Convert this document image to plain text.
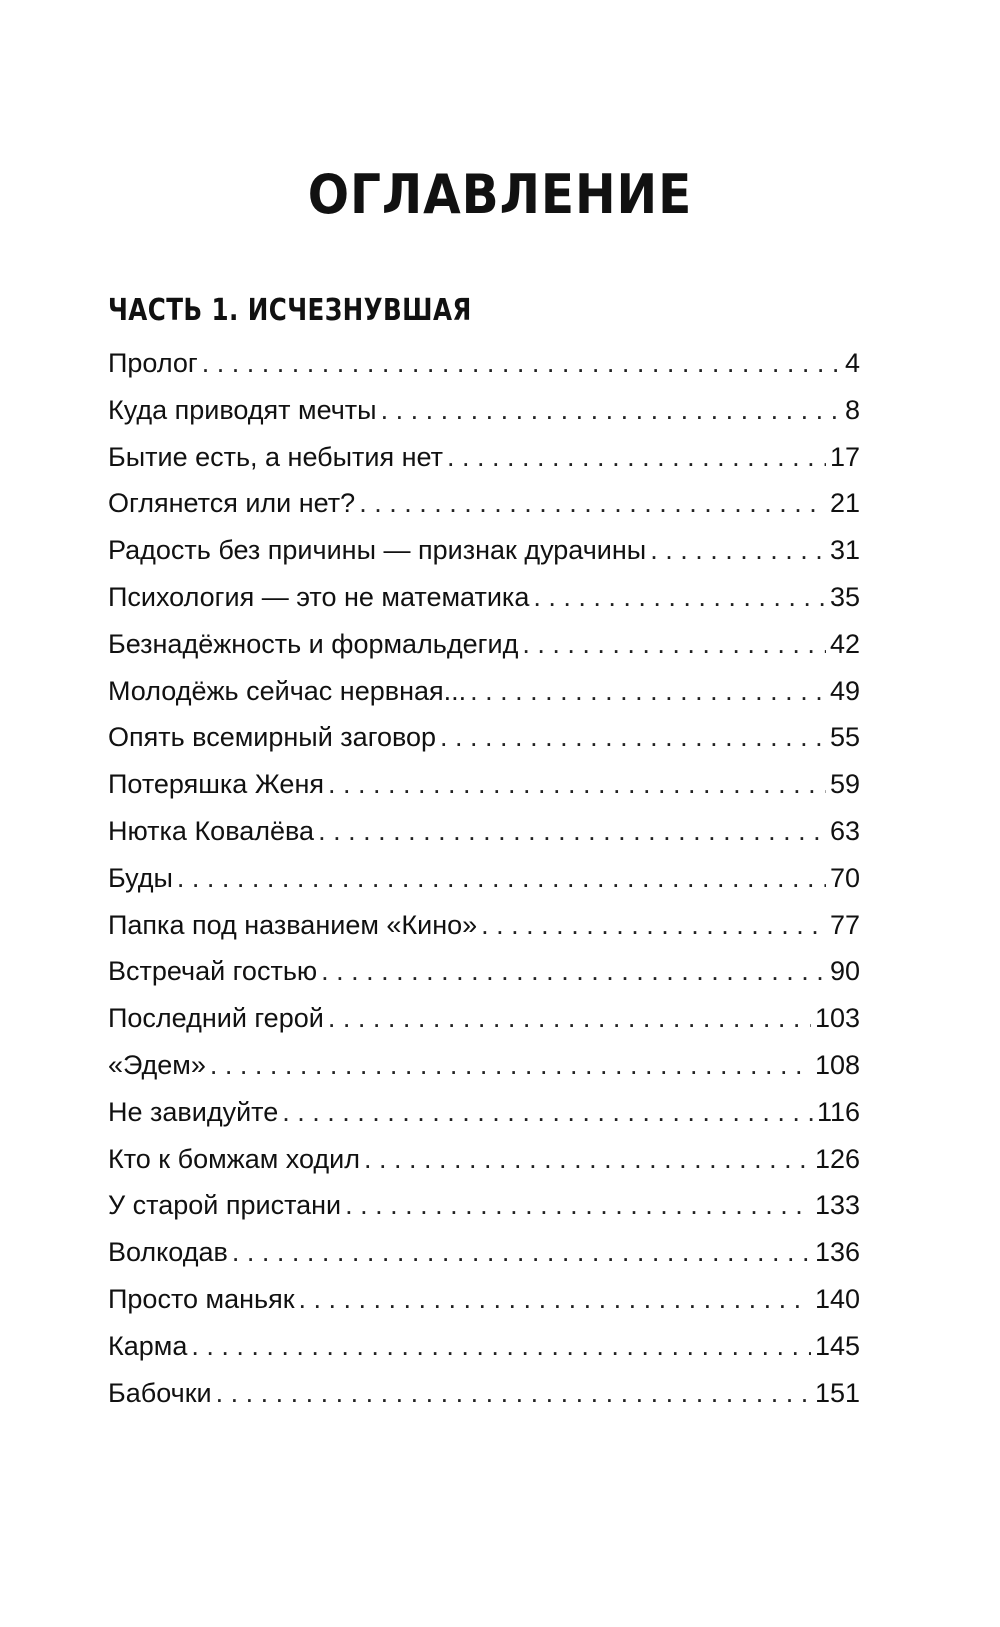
ОГЛАВЛЕНИЕ
ЧАСТЬ 1. ИСЧЕЗНУВШАЯ
Пролог . . .	4
Куда приводят мечты . . .	8
Бытие есть, а небытия нет . . .	17
Оглянется или нет? . . .	21
Радость без причины — признак дурачины . . .	31
Психология — это не математика . . .	35
Безнадёжность и формальдегид . . .	42
Молодёжь сейчас нервная... . . .	49
Опять всемирный заговор . . .	55
Потеряшка Женя . . .	59
Нютка Ковалёва . . .	63
Буды . . .	70
Папка под названием «Кино» . . .	77
Встречай гостью . . .	90
Последний герой . . .	103
«Эдем» . . .	108
Не завидуйте . . .	116
Кто к бомжам ходил . . .	126
У старой пристани . . .	133
Волкодав . . .	136
Просто маньяк . . .	140
Карма . . .	145
Бабочки . . .	151
